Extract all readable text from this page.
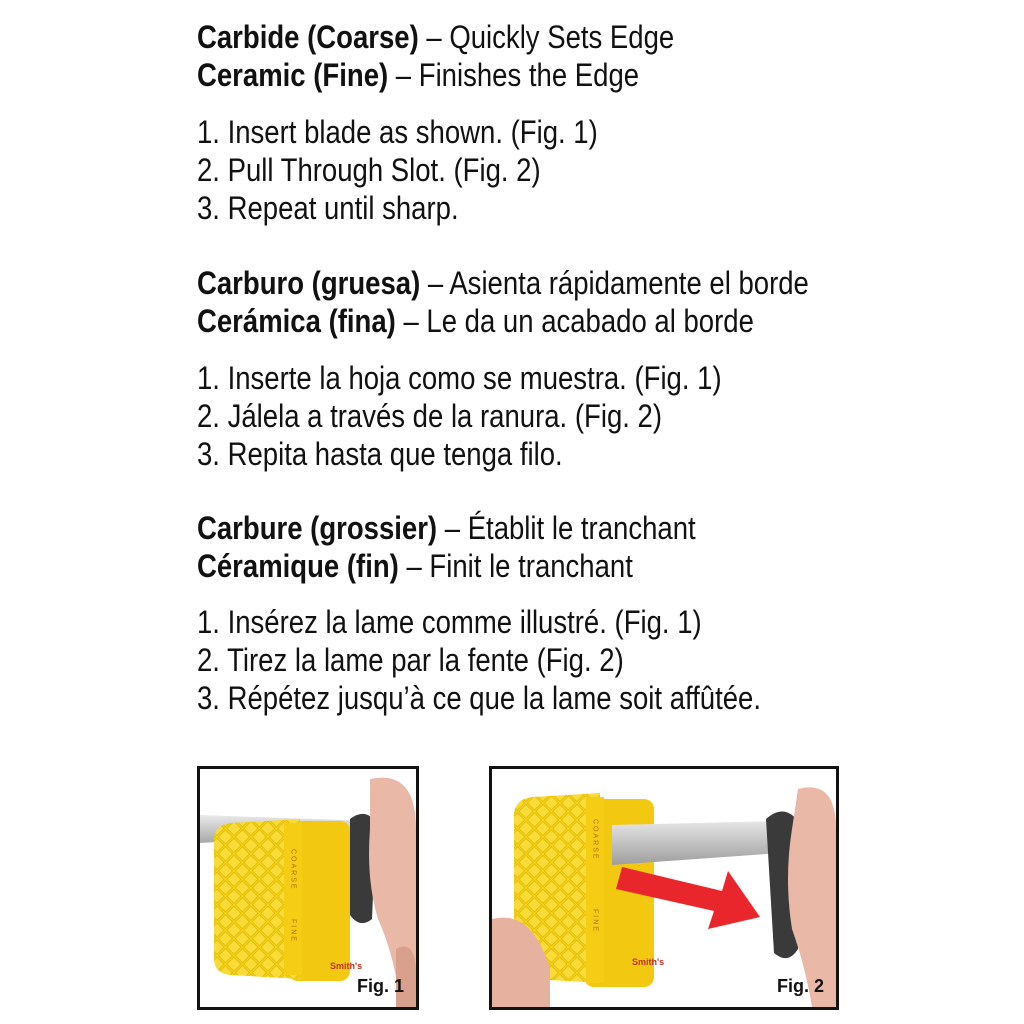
Carbide (Coarse) – Quickly Sets Edge
Ceramic (Fine) – Finishes the Edge
1. Insert blade as shown. (Fig. 1)
2. Pull Through Slot. (Fig. 2)
3. Repeat until sharp.
Carburo (gruesa) – Asienta rápidamente el borde
Cerámica (fina) – Le da un acabado al borde
1. Inserte la hoja como se muestra. (Fig. 1)
2. Jálela a través de la ranura. (Fig. 2)
3. Repita hasta que tenga filo.
Carbure (grossier) – Établit le tranchant
Céramique (fin) – Finit le tranchant
1. Insérez la lame comme illustré. (Fig. 1)
2. Tirez la lame par la fente (Fig. 2)
3. Répétez jusqu’à ce que la lame soit affûtée.
COARSE
FINE
Smith's
Fig. 1
COARSE
FINE
Smith's
Fig. 2
